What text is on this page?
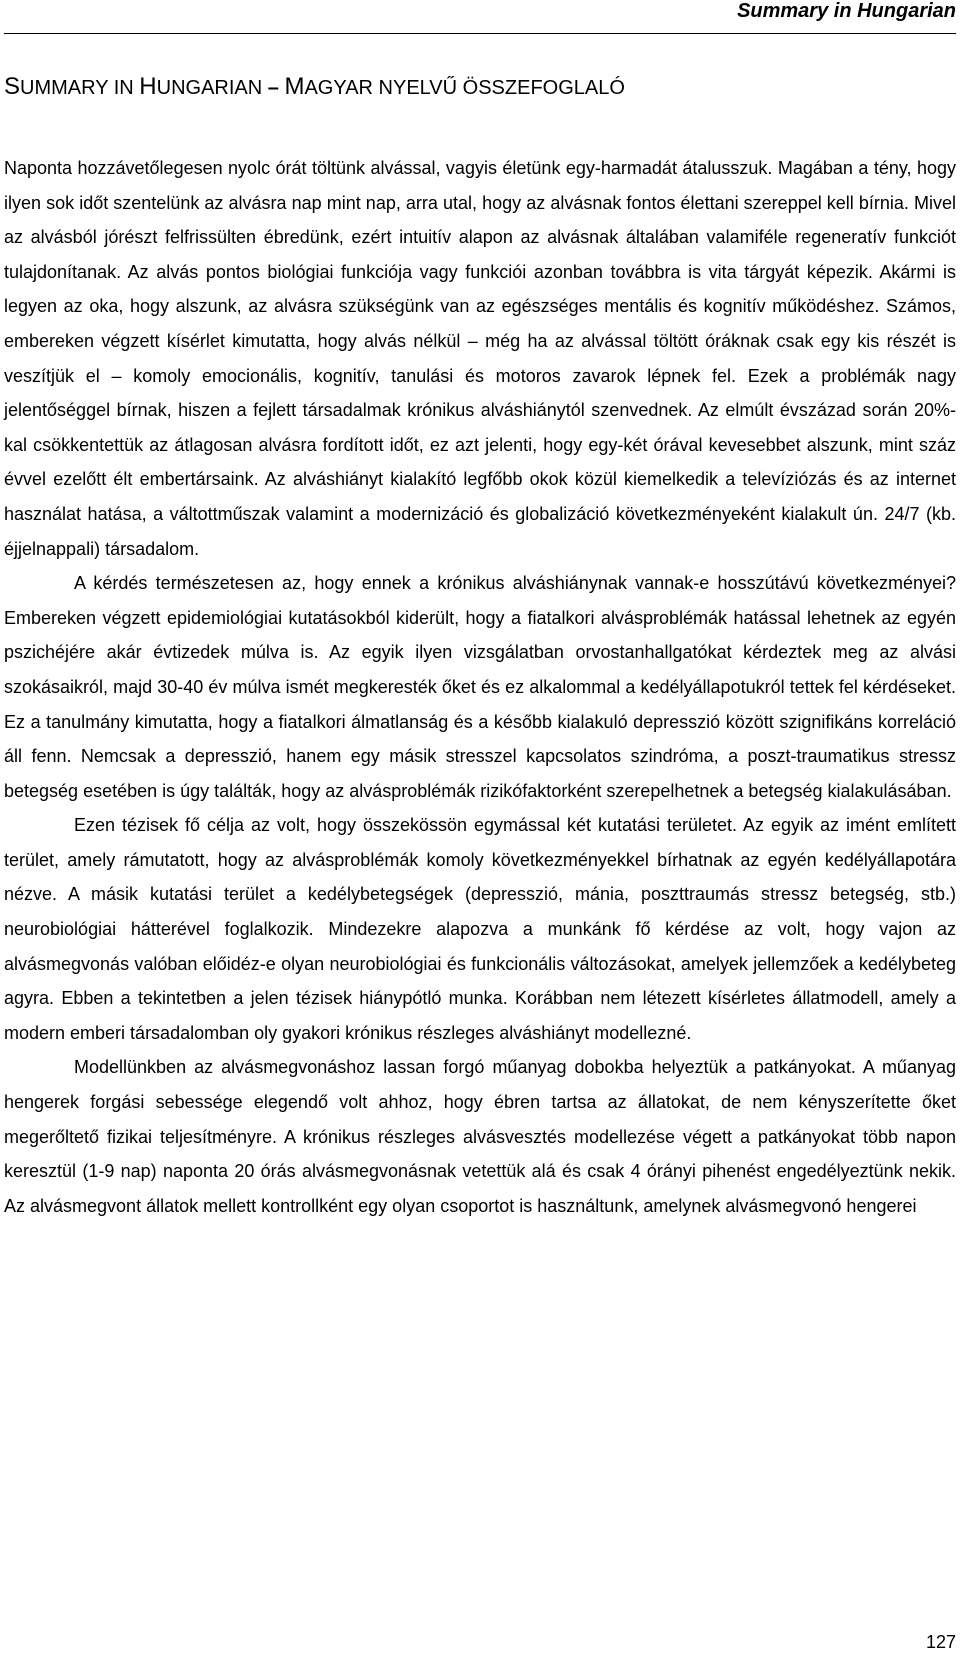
Summary in Hungarian
SUMMARY IN HUNGARIAN – MAGYAR NYELVŰ ÖSSZEFOGLALÓ

Naponta hozzávetőlegesen nyolc órát töltünk alvással, vagyis életünk egy-harmadát átalusszuk. Magában a tény, hogy ilyen sok időt szentelünk az alvásra nap mint nap, arra utal, hogy az alvásnak fontos élettani szereppel kell bírnia. Mivel az alvásból jórészt felfrissülten ébredünk, ezért intuitív alapon az alvásnak általában valamiféle regeneratív funkciót tulajdonítanak. Az alvás pontos biológiai funkciója vagy funkciói azonban továbbra is vita tárgyát képezik. Akármi is legyen az oka, hogy alszunk, az alvásra szükségünk van az egészséges mentális és kognitív működéshez. Számos, embereken végzett kísérlet kimutatta, hogy alvás nélkül – még ha az alvással töltött óráknak csak egy kis részét is veszítjük el – komoly emocionális, kognitív, tanulási és motoros zavarok lépnek fel. Ezek a problémák nagy jelentőséggel bírnak, hiszen a fejlett társadalmak krónikus alváshiánytól szenvednek. Az elmúlt évszázad során 20%-kal csökkentettük az átlagosan alvásra fordított időt, ez azt jelenti, hogy egy-két órával kevesebbet alszunk, mint száz évvel ezelőtt élt embertársaink. Az alváshiányt kialakító legfőbb okok közül kiemelkedik a televíziózás és az internet használat hatása, a váltottműszak valamint a modernizáció és globalizáció következményeként kialakult ún. 24/7 (kb. éjjelnappali) társadalom.

A kérdés természetesen az, hogy ennek a krónikus alváshiánynak vannak-e hosszútávú következményei? Embereken végzett epidemiológiai kutatásokból kiderült, hogy a fiatalkori alvásproblémák hatással lehetnek az egyén pszichéjére akár évtizedek múlva is. Az egyik ilyen vizsgálatban orvostanhallgatókat kérdeztek meg az alvási szokásaikról, majd 30-40 év múlva ismét megkeresték őket és ez alkalommal a kedélyállapotukról tettek fel kérdéseket. Ez a tanulmány kimutatta, hogy a fiatalkori álmatlanság és a később kialakuló depresszió között szignifikáns korreláció áll fenn. Nemcsak a depresszió, hanem egy másik stresszel kapcsolatos szindróma, a poszt-traumatikus stressz betegség esetében is úgy találták, hogy az alvásproblémák rizikófaktorként szerepelhetnek a betegség kialakulásában.

Ezen tézisek fő célja az volt, hogy összekössön egymással két kutatási területet. Az egyik az imént említett terület, amely rámutatott, hogy az alvásproblémák komoly következményekkel bírhatnak az egyén kedélyállapotára nézve. A másik kutatási terület a kedélybetegségek (depresszió, mánia, poszttraumás stressz betegség, stb.) neurobiológiai hátterével foglalkozik. Mindezekre alapozva a munkánk fő kérdése az volt, hogy vajon az alvásmegvonás valóban előidéz-e olyan neurobiológiai és funkcionális változásokat, amelyek jellemzőek a kedélybeteg agyra. Ebben a tekintetben a jelen tézisek hiánypótló munka. Korábban nem létezett kísérletes állatmodell, amely a modern emberi társadalomban oly gyakori krónikus részleges alváshiányt modellezné.

Modellünkben az alvásmegvonáshoz lassan forgó műanyag dobokba helyeztük a patkányokat. A műanyag hengerek forgási sebessége elegendő volt ahhoz, hogy ébren tartsa az állatokat, de nem kényszerítette őket megerőltető fizikai teljesítményre. A krónikus részleges alvásvesztés modellezése végett a patkányokat több napon keresztül (1-9 nap) naponta 20 órás alvásmegvonásnak vetettük alá és csak 4 órányi pihenést engedélyeztünk nekik. Az alvásmegvont állatok mellett kontrollként egy olyan csoportot is használtunk, amelynek alvásmegvonó hengerei

127
